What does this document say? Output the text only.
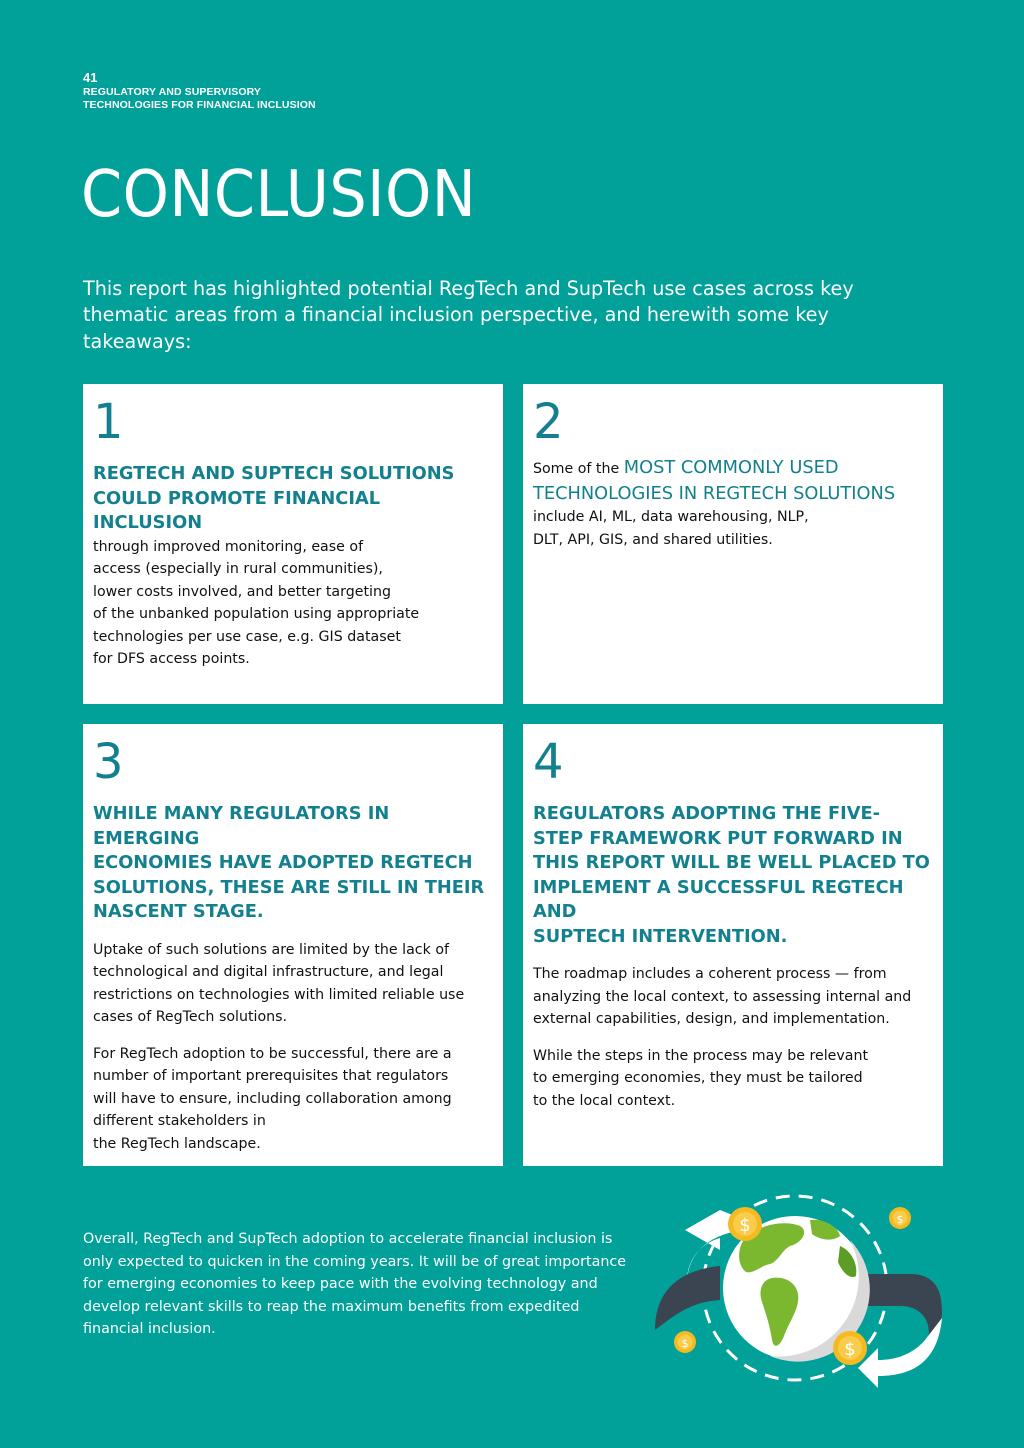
41
REGULATORY AND SUPERVISORY
TECHNOLOGIES FOR FINANCIAL INCLUSION
CONCLUSION

This report has highlighted potential RegTech and SupTech use cases across key thematic areas from a financial inclusion perspective, and herewith some key takeaways:

1
REGTECH AND SUPTECH SOLUTIONS
COULD PROMOTE FINANCIAL INCLUSION

through improved monitoring, ease of
access (especially in rural communities),
lower costs involved, and better targeting
of the unbanked population using appropriate
technologies per use case, e.g. GIS dataset
for DFS access points.

2
Some of the MOST COMMONLY USED
TECHNOLOGIES IN REGTECH SOLUTIONS

include AI, ML, data warehousing, NLP,
DLT, API, GIS, and shared utilities.

3
WHILE MANY REGULATORS IN EMERGING
ECONOMIES HAVE ADOPTED REGTECH
SOLUTIONS, THESE ARE STILL IN THEIR
NASCENT STAGE.

Uptake of such solutions are limited by the lack of
technological and digital infrastructure, and legal
restrictions on technologies with limited reliable use
cases of RegTech solutions.

For RegTech adoption to be successful, there are a
number of important prerequisites that regulators
will have to ensure, including collaboration among
different stakeholders in
the RegTech landscape.

4
REGULATORS ADOPTING THE FIVE-
STEP FRAMEWORK PUT FORWARD IN
THIS REPORT WILL BE WELL PLACED TO
IMPLEMENT A SUCCESSFUL REGTECH AND
SUPTECH INTERVENTION.

The roadmap includes a coherent process — from
analyzing the local context, to assessing internal and
external capabilities, design, and implementation.

While the steps in the process may be relevant
to emerging economies, they must be tailored
to the local context.

Overall, RegTech and SupTech adoption to accelerate financial inclusion is only expected to quicken in the coming years. It will be of great importance for emerging economies to keep pace with the evolving technology and develop relevant skills to reap the maximum benefits from expedited financial inclusion.

$	$
$	$
